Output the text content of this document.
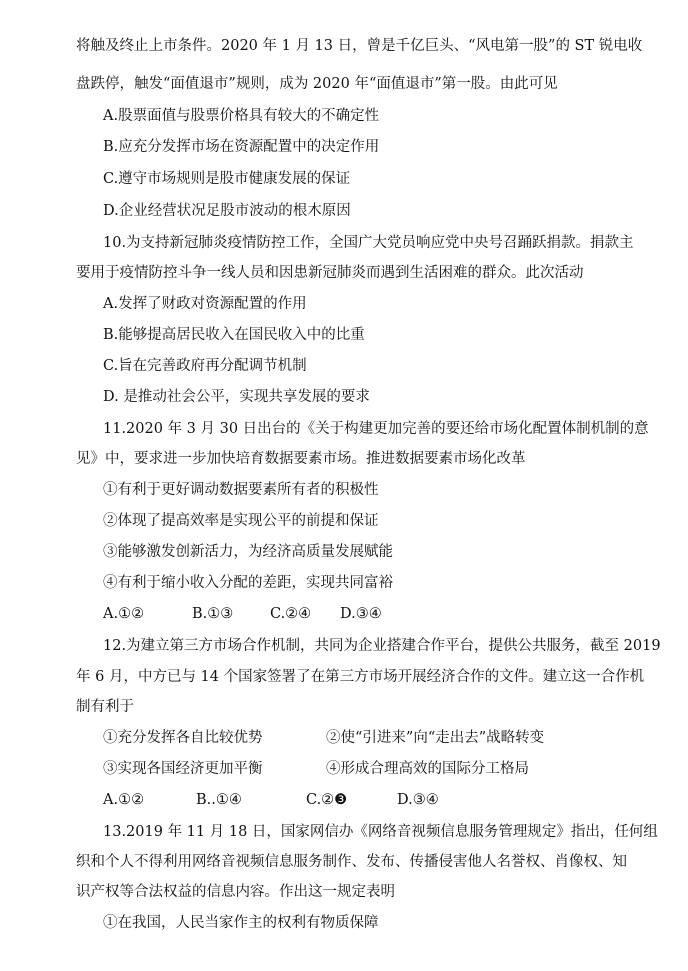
将触及终止上市条件。2020 年 1 月 13 日，曾是千亿巨头、“风电第一股”的 ST 锐电收
盘跌停，触发“面值退市”规则，成为 2020 年“面值退市”第一股。由此可见
A.股票面值与股票价格具有较大的不确定性
B.应充分发挥市场在资源配置中的决定作用
C.遵守市场规则是股市健康发展的保证
D.企业经营状况足股市波动的根木原因
10.为支持新冠肺炎疫情防控工作，全国广大党员响应党中央号召踊跃捐款。捐款主
要用于疫情防控斗争一线人员和因患新冠肺炎而遇到生活困难的群众。此次活动
A.发挥了财政对资源配置的作用
B.能够提高居民收入在国民收入中的比重
C.旨在完善政府再分配调节机制
D. 是推动社会公平，实现共享发展的要求
11.2020 年 3 月 30 日出台的《关于构建更加完善的要还给市场化配置体制机制的意
见》中，要求进一步加快培育数据要素市场。推进数据要素市场化改革
①有利于更好调动数据要素所有者的积极性
②体现了提高效率是实现公平的前提和保证
③能够激发创新活力，为经济高质量发展赋能
④有利于缩小收入分配的差距，实现共同富裕
A.①②	B.①③	C.②④ D.③④
12.为建立第三方市场合作机制，共同为企业搭建合作平台，提供公共服务，截至 2019
年 6 月，中方已与 14 个国家签署了在第三方市场开展经济合作的文件。建立这一合作机
制有利于
①充分发挥各自比较优势	②使“引进来”向“走出去”战略转变
③实现各国经济更加平衡	④形成合理高效的国际分工格局
A.①②	B..①④	C.②❸	D.③④
13.2019 年 11 月 18 日，国家网信办《网络音视频信息服务管理规定》指出，任何组
织和个人不得利用网络音视频信息服务制作、发布、传播侵害他人名誉权、肖像权、知
识产权等合法权益的信息内容。作出这一规定表明
①在我国，人民当家作主的权利有物质保障
